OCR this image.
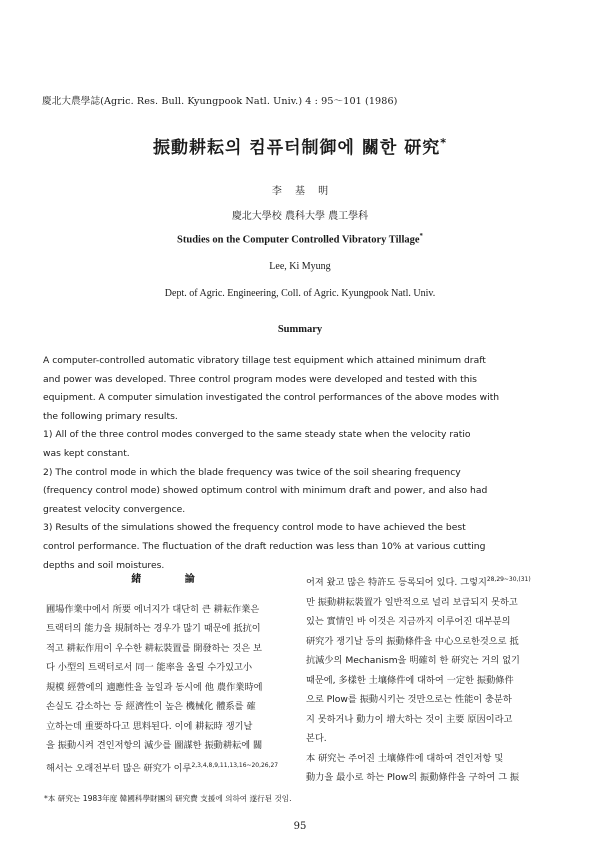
慶北大農學誌(Agric. Res. Bull. Kyungpook Natl. Univ.) 4 : 95～101 (1986)
振動耕耘의 컴퓨터制御에 關한 研究*
李 基 明
慶北大學校 農科大學 農工學科
Studies on the Computer Controlled Vibratory Tillage*
Lee, Ki Myung
Dept. of Agric. Engineering, Coll. of Agric. Kyungpook Natl. Univ.
Summary
A computer-controlled automatic vibratory tillage test equipment which attained minimum draft
and power was developed. Three control program modes were developed and tested with this
equipment. A computer simulation investigated the control performances of the above modes with
the following primary results.
1) All of the three control modes converged to the same steady state when the velocity ratio
was kept constant.
2) The control mode in which the blade frequency was twice of the soil shearing frequency
(frequency control mode) showed optimum control with minimum draft and power, and also had
greatest velocity convergence.
3) Results of the simulations showed the frequency control mode to have achieved the best
control performance. The fluctuation of the draft reduction was less than 10% at various cutting
depths and soil moistures.
緒 論
圃場作業中에서 所要 에너지가 대단히 큰 耕耘作業은
트랙터의 能力을 規制하는 경우가 많기 때문에 抵抗이
적고 耕耘作用이 우수한 耕耘裝置를 開發하는 것은 보
다 小型의 트랙터로서 同一 能率을 올릴 수가있고小
規模 經營에의 適應性을 높일과 동시에 他 農作業時에
손실도 감소하는 등 經濟性이 높은 機械化 體系를 確
立하는데 重要하다고 思料된다. 이에 耕耘時 쟁기날
을 振動시켜 견인저항의 減少를 圖謀한 振動耕耘에 關
해서는 오래전부터 많은 研究가 이루$^{2,3,4,8,9,11,13,16\sim 20,26,27}$
어져 왔고 많은 特許도 등록되어 있다. 그렇지$^{28,29\sim 30,(31)}$
만 振動耕耘裝置가 일반적으로 널리 보급되지 못하고
있는 實情인 바 이것은 지금까지 이루어진 대부분의
研究가 쟁기날 등의 振動條件을 中心으로한것으로 抵
抗減少의 Mechanism을 明確히 한 研究는 거의 없기
때문에, 多樣한 土壤條件에 대하여 一定한 振動條件
으로 Plow를 振動시키는 것만으로는 性能이 충분하
지 못하거나 動力이 增大하는 것이 主要 原因이라고
본다.
本 研究는 주어진 土壤條件에 대하여 견인저항 및
動力을 最小로 하는 Plow의 振動條件을 구하여 그 振
*本 研究는 1983年度 韓國科學財團의 研究費 支援에 의하여 遂行된 것임.
95
